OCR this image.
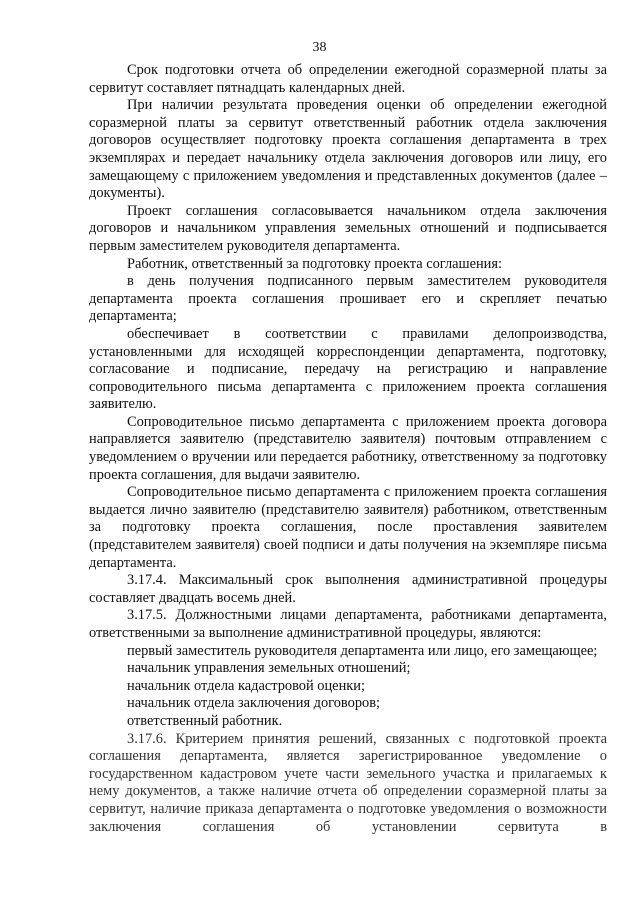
38

Срок подготовки отчета об определении ежегодной соразмерной платы за сервитут составляет пятнадцать календарных дней.

При наличии результата проведения оценки об определении ежегодной соразмерной платы за сервитут ответственный работник отдела заключения договоров осуществляет подготовку проекта соглашения департамента в трех экземплярах и передает начальнику отдела заключения договоров или лицу, его замещающему с приложением уведомления и представленных документов (далее – документы).

Проект соглашения согласовывается начальником отдела заключения договоров и начальником управления земельных отношений и подписывается первым заместителем руководителя департамента.

Работник, ответственный за подготовку проекта соглашения:

в день получения подписанного первым заместителем руководителя департамента проекта соглашения прошивает его и скрепляет печатью департамента;

обеспечивает в соответствии с правилами делопроизводства, установленными для исходящей корреспонденции департамента, подготовку, согласование и подписание, передачу на регистрацию и направление сопроводительного письма департамента с приложением проекта соглашения заявителю.

Сопроводительное письмо департамента с приложением проекта договора направляется заявителю (представителю заявителя) почтовым отправлением с уведомлением о вручении или передается работнику, ответственному за подготовку проекта соглашения, для выдачи заявителю.

Сопроводительное письмо департамента с приложением проекта соглашения выдается лично заявителю (представителю заявителя) работником, ответственным за подготовку проекта соглашения, после проставления заявителем (представителем заявителя) своей подписи и даты получения на экземпляре письма департамента.

3.17.4. Максимальный срок выполнения административной процедуры составляет двадцать восемь дней.

3.17.5. Должностными лицами департамента, работниками департамента, ответственными за выполнение административной процедуры, являются:

первый заместитель руководителя департамента или лицо, его замещающее;

начальник управления земельных отношений;

начальник отдела кадастровой оценки;

начальник отдела заключения договоров;

ответственный работник.

3.17.6. Критерием принятия решений, связанных с подготовкой проекта соглашения департамента, является зарегистрированное уведомление о государственном кадастровом учете части земельного участка и прилагаемых к нему документов, а также наличие отчета об определении соразмерной платы за сервитут, наличие приказа департамента о подготовке уведомления о возможности заключения соглашения об установлении сервитута в
